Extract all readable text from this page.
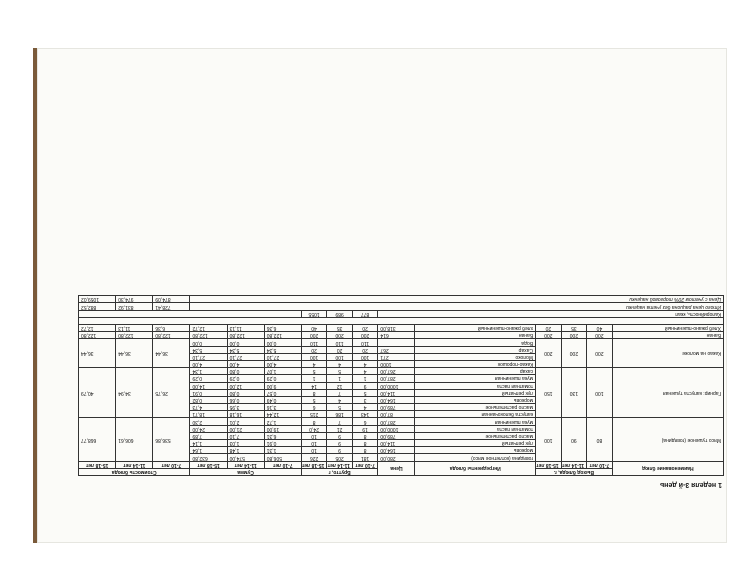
1 неделя 3-й день
Наименование блюд	Выход блюда, г.			Ингредиенты блюда	Цена	Брутто, г			Сумма			Стоимость блюда		
	7-10 лет	11-14 лет	15-18 лет			7-10 лет	11-14 лет	15-18 лет	7-10 лет	11-14 лет	15-18 лет	7-10 лет	11-14 лет	15-18 лет
Мясо тушеное (говядина)	80	90	100	говядина (котлетное мясо)	280,00	181	205	226	506,80	574,00	632,80	536,86	606,61	668,77
				морковь	164,00	8	9	10	1,31	1,48	1,64			
				лук репчатый	114,00	8	9	10	0,91	1,03	1,14			
				масло растительное	789,00	8	9	10	6,31	7,10	7,89			
				томатная паста	1000,00	19	21	24,0	19,00	21,00	24,00			
				мука пшеничная	287,00	6	7	8	1,72	2,01	2,30			
Гарнир: капуста тушеная	100	130	150	капуста белокочанная	87,00	143	186	215	12,44	16,18	18,71	26,75	34,94	40,79
				масло растительное	789,00	4	5	6	3,16	3,95	4,73			
				морковь	164,00	3	4	5	0,49	0,66	0,82			
				лук репчатый	114,00	5	7	8	0,57	0,80	0,91			
				томатная паста	1000,00	9	12	14	9,00	12,00	14,00			
				мука пшеничная	287,00	1	1	1	0,29	0,29	0,29			
				сахар	267,00	4	5	5	1,07	0,80	1,34			
Какао на молоке	200	200	200	Какао-порошок	1000	4	4	4	4,00	4,00	4,00	36,44	36,44	36,44
				Молоко	271	100	100	100	27,10	27,10	27,10			
				Сахар	267	20	20	20	5,34	5,34	5,34			
				Вода		110	110	110	0,00	0,00	0,00			
Банан	200	200	200	Банан	614	200	200	200	122,80	122,80	122,80	122,80	122,80	122,80
Хлеб ржано-пшеничный	40	35	20	хлеб ржано-пшеничный	318,00	20	35	40	6,36	11,13	12,72	6,36	11,13	12,72

Калорийность, ккал						877	989	1055						
Итого цена рациона без учета наценки												728,41	831,92	882,52
Цена с учетом 20% торговой наценки												874,09	974,30	1059,02
